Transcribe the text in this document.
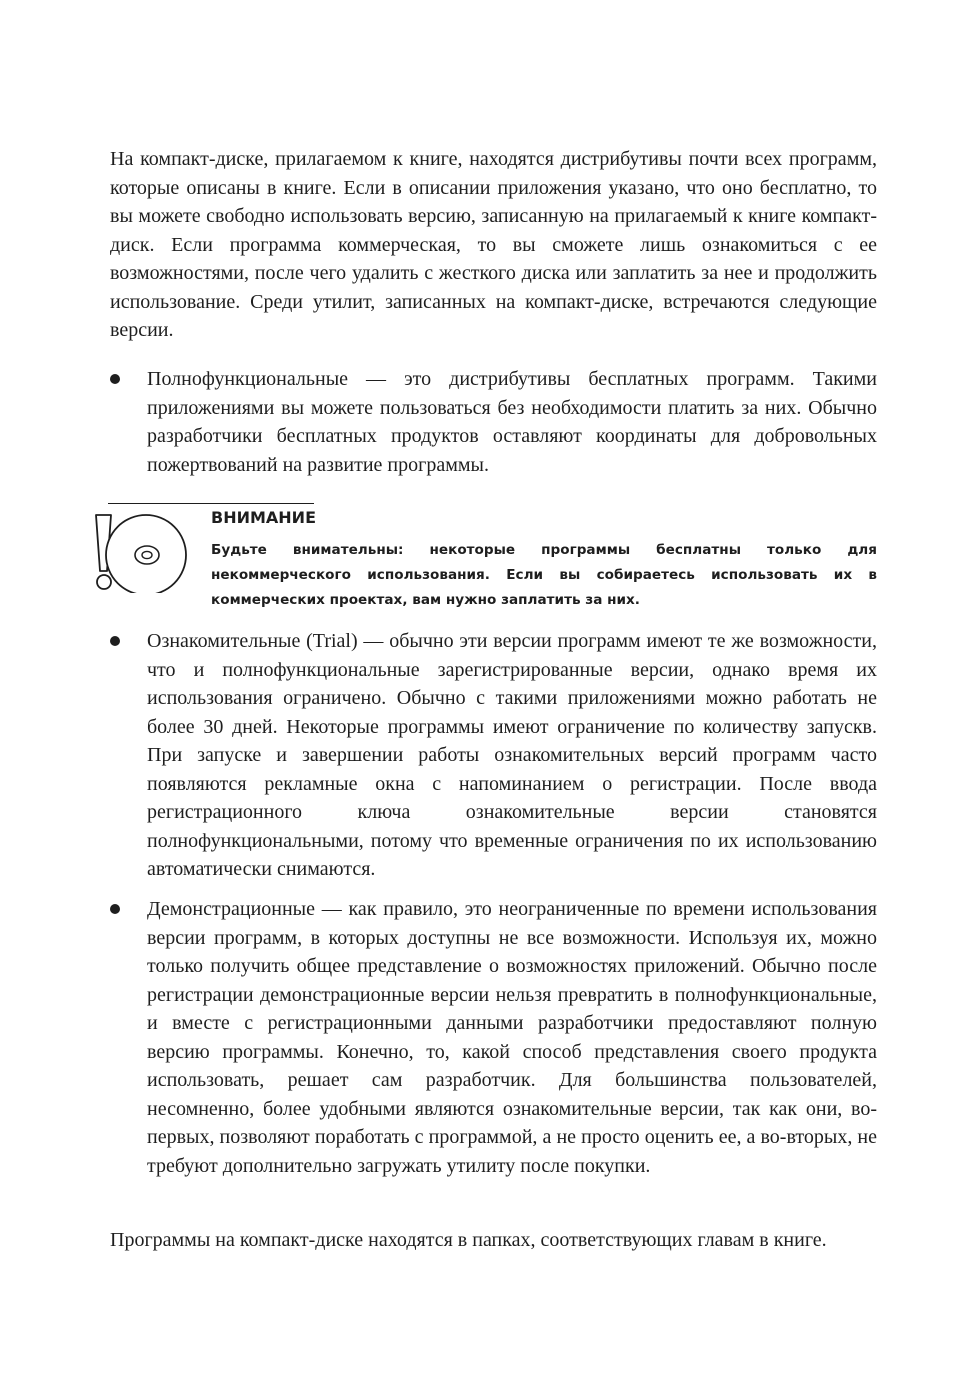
На компакт-диске, прилагаемом к книге, находятся дистрибутивы почти всех программ, которые описаны в книге. Если в описании приложения указано, что оно бесплатно, то вы можете свободно использовать версию, записанную на прилагаемый к книге компакт-диск. Если программа коммерческая, то вы сможете лишь ознакомиться с ее возможностями, после чего удалить с жесткого диска или заплатить за нее и продолжить использование. Среди утилит, записанных на компакт-диске, встречаются следующие версии.

Полнофункциональные — это дистрибутивы бесплатных программ. Такими приложениями вы можете пользоваться без необходимости платить за них. Обычно разработчики бесплатных продуктов оставляют координаты для добровольных пожертвований на развитие программы.

ВНИМАНИЕ

Будьте внимательны: некоторые программы бесплатны только для некоммерческого использования. Если вы собираетесь использовать их в коммерческих проектах, вам нужно заплатить за них.

Ознакомительные (Trial) — обычно эти версии программ имеют те же возможности, что и полнофункциональные зарегистрированные версии, однако время их использования ограничено. Обычно с такими приложениями можно работать не более 30 дней. Некоторые программы имеют ограничение по количеству запускв. При запуске и завершении работы ознакомительных версий программ часто появляются рекламные окна с напоминанием о регистрации. После ввода регистрационного ключа ознакомительные версии становятся полнофункциональными, потому что временные ограничения по их использованию автоматически снимаются.

Демонстрационные — как правило, это неограниченные по времени использования версии программ, в которых доступны не все возможности. Используя их, можно только получить общее представление о возможностях приложений. Обычно после регистрации демонстрационные версии нельзя превратить в полнофункциональные, и вместе с регистрационными данными разработчики предоставляют полную версию программы. Конечно, то, какой способ представления своего продукта использовать, решает сам разработчик. Для большинства пользователей, несомненно, более удобными являются ознакомительные версии, так как они, во-первых, позволяют поработать с программой, а не просто оценить ее, а во-вторых, не требуют дополнительно загружать утилиту после покупки.

Программы на компакт-диске находятся в папках, соответствующих главам в книге.
